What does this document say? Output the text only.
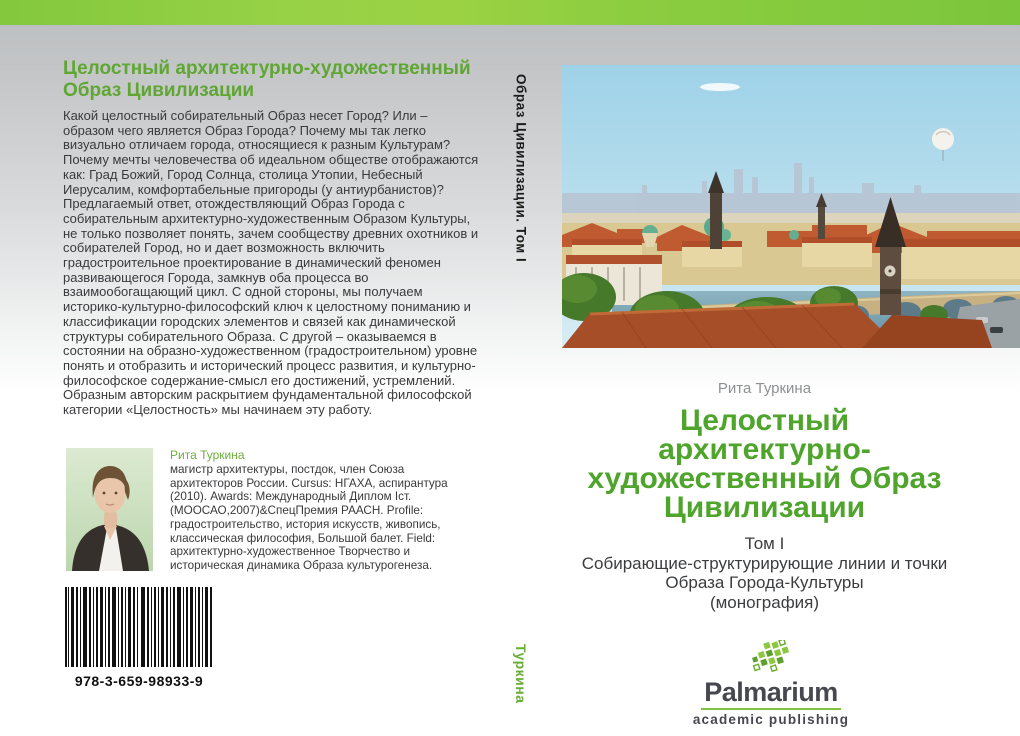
Целостный архитектурно-художественный
Образ Цивилизации
Какой целостный собирательный Образ несет Город? Или – образом чего является Образ Города? Почему мы так легко визуально отличаем города, относящиеся к разным Культурам? Почему мечты человечества об идеальном обществе отображаются как: Град Божий, Город Солнца, столица Утопии, Небесный Иерусалим, комфортабельные пригороды (у антиурбанистов)? Предлагаемый ответ, отождествляющий Образ Города с собирательным архитектурно-художественным Образом Культуры, не только позволяет понять, зачем сообществу древних охотников и собирателей Город, но и дает возможность включить градостроительное проектирование в динамический феномен развивающегося Города, замкнув оба процесса во взаимообогащающий цикл. С одной стороны, мы получаем историко-культурно-философский ключ к целостному пониманию и классификации городских элементов и связей как динамической структуры собирательного Образа. С другой – оказываемся в состоянии на образно-художественном (градостроительном) уровне понять и отобразить и исторический процесс развития, и культурно-философское содержание-смысл его достижений, устремлений. Образным авторским раскрытием фундаментальной философской категории «Целостность» мы начинаем эту работу.
Рита Туркина
магистр архитектуры, постдок, член Союза архитекторов России. Cursus: НГАХА, аспирантура (2010). Awards: Международный Диплом Iст.(МООСАО,2007)&СпецПремия РААСН. Profile: градостроительство, история искусств, живопись, классическая философия, Большой балет. Field: архитектурно-художественное Творчество и историческая динамика Образа культурогенеза.
978-3-659-98933-9
Образ Цивилизации. Том I
Туркина
Рита Туркина
Целостный
архитектурно-
художественный Образ
Цивилизации
Том I
Собирающие-структурирующие линии и точки
Образа Города-Культуры
(монография)
Palmarium
academic publishing
